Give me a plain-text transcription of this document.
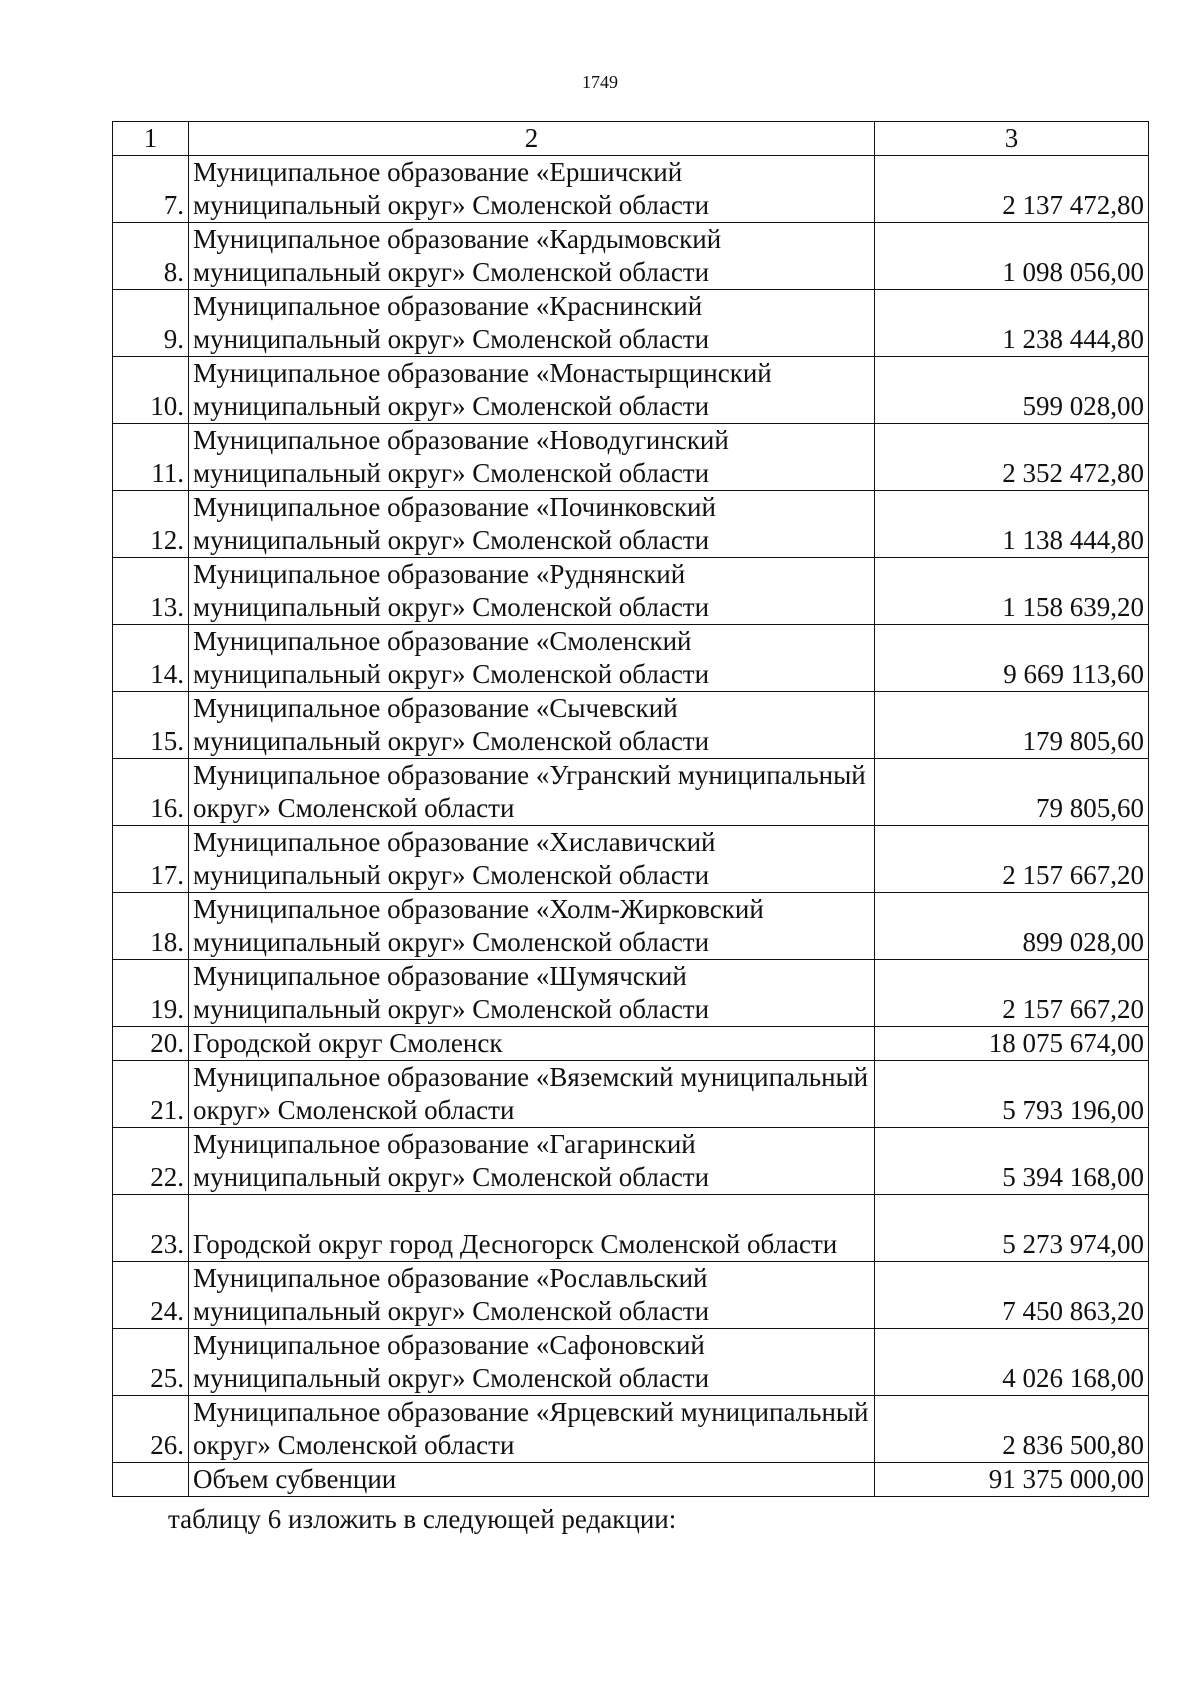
1749
1	2	3
7.	Муниципальное образование «Ершичский муниципальный округ» Смоленской области	2 137 472,80
8.	Муниципальное образование «Кардымовский муниципальный округ» Смоленской области	1 098 056,00
9.	Муниципальное образование «Краснинский муниципальный округ» Смоленской области	1 238 444,80
10.	Муниципальное образование «Монастырщинский муниципальный округ» Смоленской области	599 028,00
11.	Муниципальное образование «Новодугинский муниципальный округ» Смоленской области	2 352 472,80
12.	Муниципальное образование «Починковский муниципальный округ» Смоленской области	1 138 444,80
13.	Муниципальное образование «Руднянский муниципальный округ» Смоленской области	1 158 639,20
14.	Муниципальное образование «Смоленский муниципальный округ» Смоленской области	9 669 113,60
15.	Муниципальное образование «Сычевский муниципальный округ» Смоленской области	179 805,60
16.	Муниципальное образование «Угранский муниципальный округ» Смоленской области	79 805,60
17.	Муниципальное образование «Хиславичский муниципальный округ» Смоленской области	2 157 667,20
18.	Муниципальное образование «Холм-Жирковский муниципальный округ» Смоленской области	899 028,00
19.	Муниципальное образование «Шумячский муниципальный округ» Смоленской области	2 157 667,20
20.	Городской округ Смоленск	18 075 674,00
21.	Муниципальное образование «Вяземский муниципальный округ» Смоленской области	5 793 196,00
22.	Муниципальное образование «Гагаринский муниципальный округ» Смоленской области	5 394 168,00
23.	Городской округ город Десногорск Смоленской области	5 273 974,00
24.	Муниципальное образование «Рославльский муниципальный округ» Смоленской области	7 450 863,20
25.	Муниципальное образование «Сафоновский муниципальный округ» Смоленской области	4 026 168,00
26.	Муниципальное образование «Ярцевский муниципальный округ» Смоленской области	2 836 500,80
	Объем субвенции	91 375 000,00
таблицу 6 изложить в следующей редакции:
